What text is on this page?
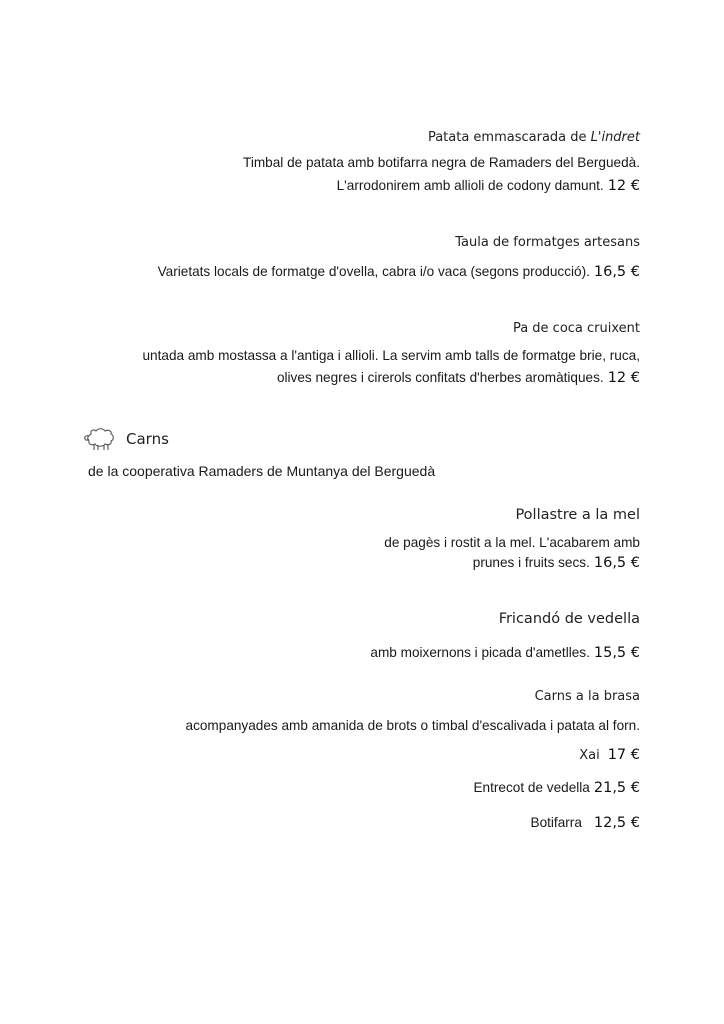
Patata emmascarada de L'indret
Timbal de patata amb botifarra negra de Ramaders del Berguedà.
L'arrodonirem amb allioli de codony damunt. 12 €
Taula de formatges artesans
Varietats locals de formatge d'ovella, cabra i/o vaca (segons producció). 16,5 €
Pa de coca cruixent
untada amb mostassa a l'antiga i allioli. La servim amb talls de formatge brie, ruca,
olives negres i cirerols confitats d'herbes aromàtiques. 12 €
Carns
de la cooperativa Ramaders de Muntanya del Berguedà
Pollastre a la mel
de pagès i rostit a la mel. L'acabarem amb
prunes i fruits secs. 16,5 €
Fricandó de vedella
amb moixernons i picada d'ametlles. 15,5 €
Carns a la brasa
acompanyades amb amanida de brots o timbal d'escalivada i patata al forn.
Xai 17 €
Entrecot de vedella 21,5 €
Botifarra 12,5 €
